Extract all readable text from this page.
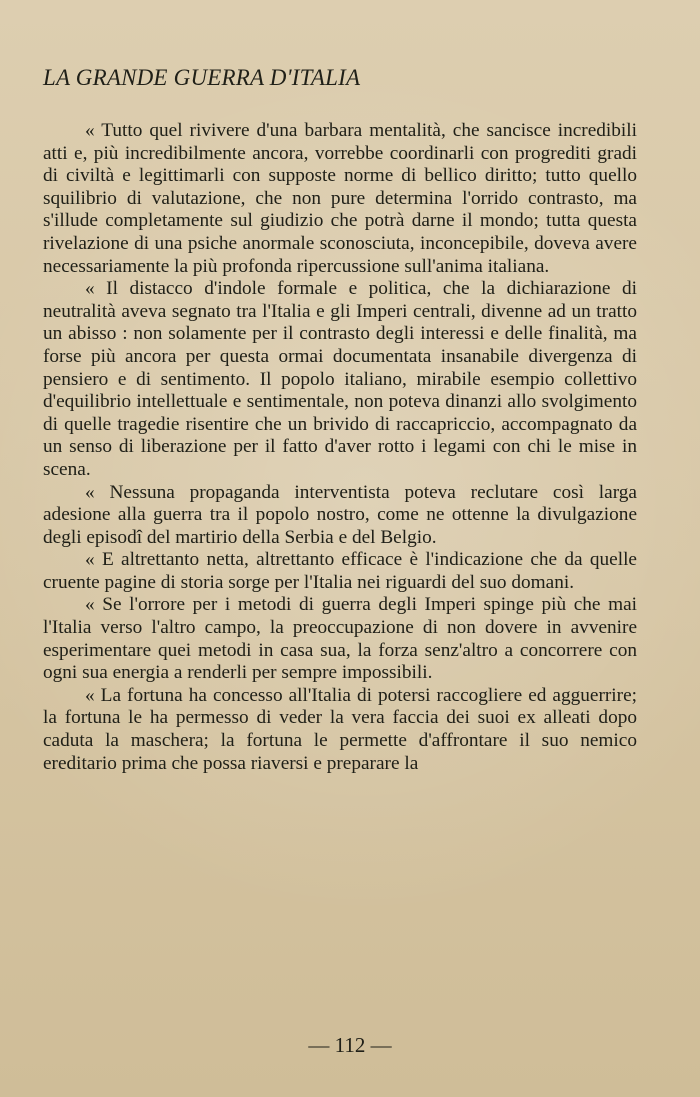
LA GRANDE GUERRA D'ITALIA

« Tutto quel rivivere d'una barbara mentalità, che sancisce incredibili atti e, più incredibilmente ancora, vorrebbe coordinarli con progrediti gradi di civiltà e legittimarli con supposte norme di bellico diritto; tutto quello squilibrio di valutazione, che non pure determina l'orrido contrasto, ma s'illude completamente sul giudizio che potrà darne il mondo; tutta questa rivelazione di una psiche anormale sconosciuta, inconcepibile, doveva avere necessariamente la più profonda ripercussione sull'anima italiana.

« Il distacco d'indole formale e politica, che la dichiarazione di neutralità aveva segnato tra l'Italia e gli Imperi centrali, divenne ad un tratto un abisso : non solamente per il contrasto degli interessi e delle finalità, ma forse più ancora per questa ormai documentata insanabile divergenza di pensiero e di sentimento. Il popolo italiano, mirabile esempio collettivo d'equilibrio intellettuale e sentimentale, non poteva dinanzi allo svolgimento di quelle tragedie risentire che un brivido di raccapriccio, accompagnato da un senso di liberazione per il fatto d'aver rotto i legami con chi le mise in scena.

« Nessuna propaganda interventista poteva reclutare così larga adesione alla guerra tra il popolo nostro, come ne ottenne la divulgazione degli episodî del martirio della Serbia e del Belgio.

« E altrettanto netta, altrettanto efficace è l'indicazione che da quelle cruente pagine di storia sorge per l'Italia nei riguardi del suo domani.

« Se l'orrore per i metodi di guerra degli Imperi spinge più che mai l'Italia verso l'altro campo, la preoccupazione di non dovere in avvenire esperimentare quei metodi in casa sua, la forza senz'altro a concorrere con ogni sua energia a renderli per sempre impossibili.

« La fortuna ha concesso all'Italia di potersi raccogliere ed agguerrire; la fortuna le ha permesso di veder la vera faccia dei suoi ex alleati dopo caduta la maschera; la fortuna le permette d'affrontare il suo nemico ereditario prima che possa riaversi e preparare la

— 112 —
